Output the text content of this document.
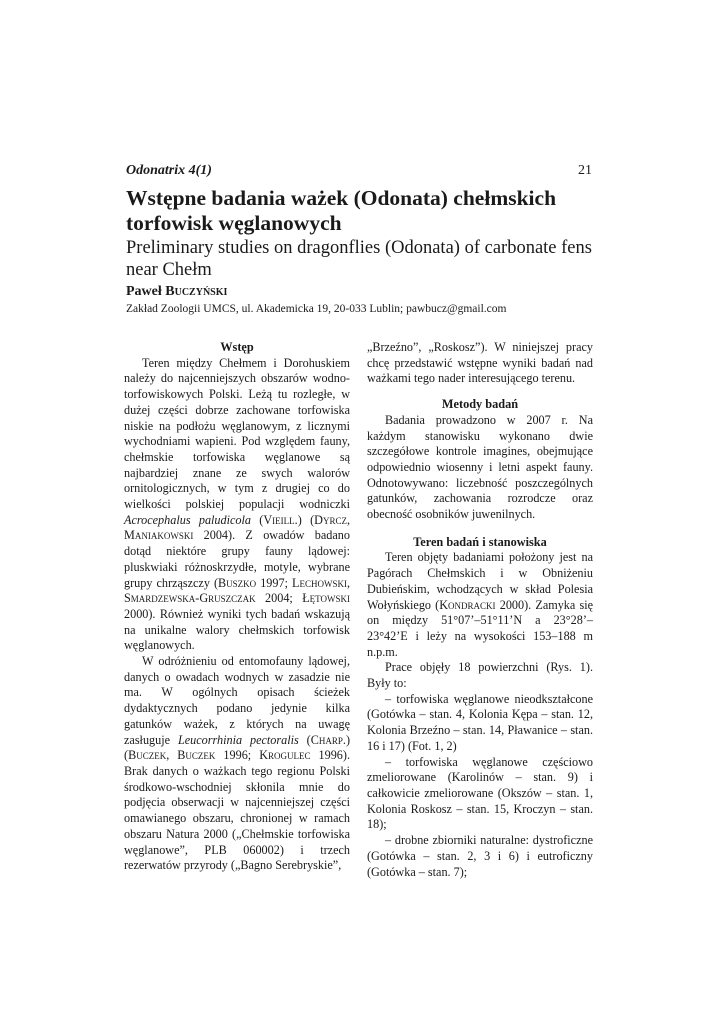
Odonatrix 4(1)	21
Wstępne badania ważek (Odonata) chełmskich torfowisk węglanowych
Preliminary studies on dragonflies (Odonata) of carbonate fens near Chełm
Paweł Buczyński
Zakład Zoologii UMCS, ul. Akademicka 19, 20-033 Lublin; pawbucz@gmail.com
Wstęp

Teren między Chełmem i Dorohuskiem należy do najcenniejszych obszarów wodno-torfowiskowych Polski. Leżą tu rozległe, w dużej części dobrze zachowane torfowiska niskie na podłożu węglanowym, z licznymi wychodniami wapieni. Pod względem fauny, chełmskie torfowiska węglanowe są najbardziej znane ze swych walorów ornitologicznych, w tym z drugiej co do wielkości polskiej populacji wodniczki Acrocephalus paludicola (Vieill.) (Dyrcz, Maniakowski 2004). Z owadów badano dotąd niektóre grupy fauny lądowej: pluskwiaki różnoskrzydłe, motyle, wybrane grupy chrząszczy (Buszko 1997; Lechowski, Smardzewska-Gruszczak 2004; Łętowski 2000). Również wyniki tych badań wskazują na unikalne walory chełmskich torfowisk węglanowych.

W odróżnieniu od entomofauny lądowej, danych o owadach wodnych w zasadzie nie ma. W ogólnych opisach ścieżek dydaktycznych podano jedynie kilka gatunków ważek, z których na uwagę zasługuje Leucorrhinia pectoralis (Charp.) (Buczek, Buczek 1996; Krogulec 1996). Brak danych o ważkach tego regionu Polski środkowo-wschodniej skłonila mnie do podjęcia obserwacji w najcenniejszej części omawianego obszaru, chronionej w ramach obszaru Natura 2000 („Chełmskie torfowiska węglanowe”, PLB 060002) i trzech rezerwatów przyrody („Bagno Serebryskie”,

„Brzeźno”, „Roskosz”). W niniejszej pracy chcę przedstawić wstępne wyniki badań nad ważkami tego nader interesującego terenu.

Metody badań

Badania prowadzono w 2007 r. Na każdym stanowisku wykonano dwie szczegółowe kontrole imagines, obejmujące odpowiednio wiosenny i letni aspekt fauny. Odnotowywano: liczebność poszczególnych gatunków, zachowania rozrodcze oraz obecność osobników juwenilnych.

Teren badań i stanowiska

Teren objęty badaniami położony jest na Pagórach Chełmskich i w Obniżeniu Dubieńskim, wchodzących w skład Polesia Wołyńskiego (Kondracki 2000). Zamyka się on między 51°07’–51°11’N a 23°28’–23°42’E i leży na wysokości 153–188 m n.p.m.

Prace objęły 18 powierzchni (Rys. 1). Były to:

– torfowiska węglanowe nieodkształcone (Gotówka – stan. 4, Kolonia Kępa – stan. 12, Kolonia Brzeźno – stan. 14, Pławanice – stan. 16 i 17) (Fot. 1, 2)

– torfowiska węglanowe częściowo zmeliorowane (Karolinów – stan. 9) i całkowicie zmeliorowane (Okszów – stan. 1, Kolonia Roskosz – stan. 15, Kroczyn – stan. 18);

– drobne zbiorniki naturalne: dystroficzne (Gotówka – stan. 2, 3 i 6) i eutroficzny (Gotówka – stan. 7);
